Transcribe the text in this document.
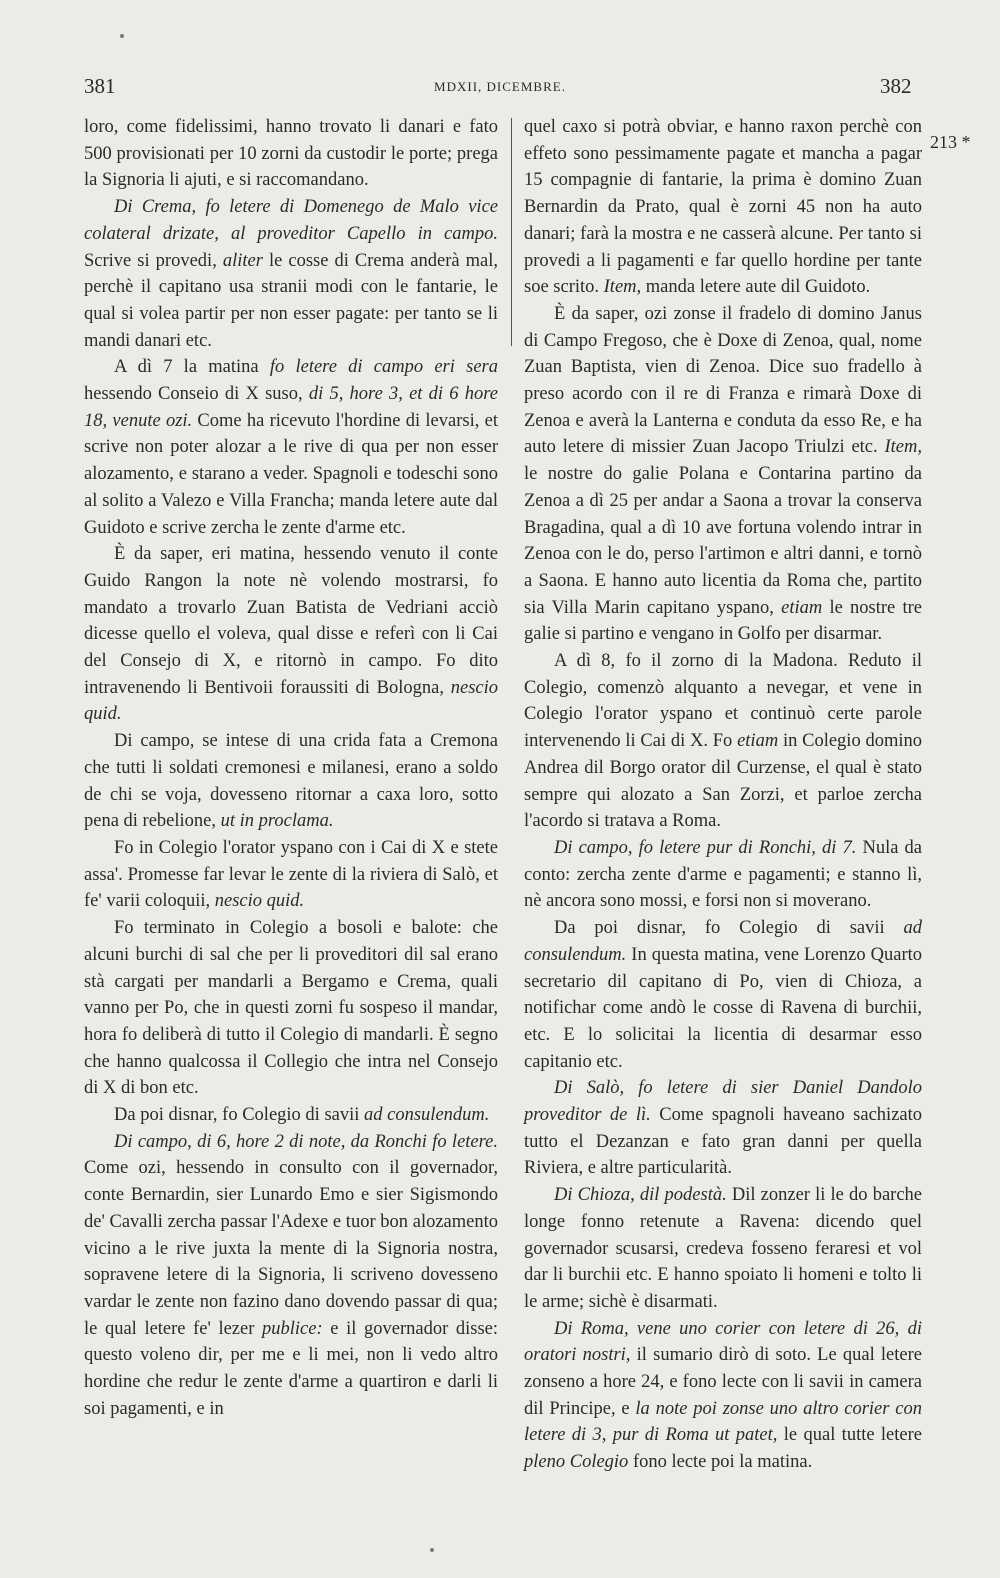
381	MDXII, DICEMBRE.	382
213 *

loro, come fidelissimi, hanno trovato li danari e fato 500 provisionati per 10 zorni da custodir le porte; prega la Signoria li ajuti, e si raccomandano.

Di Crema, fo letere di Domenego de Malo vice colateral drizate, al proveditor Capello in campo. Scrive si provedi, aliter le cosse di Crema anderà mal, perchè il capitano usa stranii modi con le fantarie, le qual si volea partir per non esser pagate: per tanto se li mandi danari etc.

A dì 7 la matina fo letere di campo eri sera hessendo Conseio di X suso, di 5, hore 3, et di 6 hore 18, venute ozi. Come ha ricevuto l'hordine di levarsi, et scrive non poter alozar a le rive di qua per non esser alozamento, e starano a veder. Spagnoli e todeschi sono al solito a Valezo e Villa Francha; manda letere aute dal Guidoto e scrive zercha le zente d'arme etc.

È da saper, eri matina, hessendo venuto il conte Guido Rangon la note nè volendo mostrarsi, fo mandato a trovarlo Zuan Batista de Vedriani acciò dicesse quello el voleva, qual disse e referì con li Cai del Consejo di X, e ritornò in campo. Fo dito intravenendo li Bentivoii foraussiti di Bologna, nescio quid.

Di campo, se intese di una crida fata a Cremona che tutti li soldati cremonesi e milanesi, erano a soldo de chi se voja, dovesseno ritornar a caxa loro, sotto pena di rebelione, ut in proclama.

Fo in Colegio l'orator yspano con i Cai di X e stete assa'. Promesse far levar le zente di la riviera di Salò, et fe' varii coloquii, nescio quid.

Fo terminato in Colegio a bosoli e balote: che alcuni burchi di sal che per li proveditori dil sal erano stà cargati per mandarli a Bergamo e Crema, quali vanno per Po, che in questi zorni fu sospeso il mandar, hora fo deliberà di tutto il Colegio di mandarli. È segno che hanno qualcossa il Collegio che intra nel Consejo di X di bon etc.

Da poi disnar, fo Colegio di savii ad consulendum.

Di campo, di 6, hore 2 di note, da Ronchi fo letere. Come ozi, hessendo in consulto con il governador, conte Bernardin, sier Lunardo Emo e sier Sigismondo de' Cavalli zercha passar l'Adexe e tuor bon alozamento vicino a le rive juxta la mente di la Signoria nostra, sopravene letere di la Signoria, li scriveno dovesseno vardar le zente non fazino dano dovendo passar di qua; le qual letere fe' lezer publice: e il governador disse: questo voleno dir, per me e li mei, non li vedo altro hordine che redur le zente d'arme a quartiron e darli li soi pagamenti, e in

quel caxo si potrà obviar, e hanno raxon perchè con effeto sono pessimamente pagate et mancha a pagar 15 compagnie di fantarie, la prima è domino Zuan Bernardin da Prato, qual è zorni 45 non ha auto danari; farà la mostra e ne casserà alcune. Per tanto si provedi a li pagamenti e far quello hordine per tante soe scrito. Item, manda letere aute dil Guidoto.

È da saper, ozi zonse il fradelo di domino Janus di Campo Fregoso, che è Doxe di Zenoa, qual, nome Zuan Baptista, vien di Zenoa. Dice suo fradello à preso acordo con il re di Franza e rimarà Doxe di Zenoa e averà la Lanterna e conduta da esso Re, e ha auto letere di missier Zuan Jacopo Triulzi etc. Item, le nostre do galie Polana e Contarina partino da Zenoa a dì 25 per andar a Saona a trovar la conserva Bragadina, qual a dì 10 ave fortuna volendo intrar in Zenoa con le do, perso l'artimon e altri danni, e tornò a Saona. E hanno auto licentia da Roma che, partito sia Villa Marin capitano yspano, etiam le nostre tre galie si partino e vengano in Golfo per disarmar.

A dì 8, fo il zorno di la Madona. Reduto il Colegio, comenzò alquanto a nevegar, et vene in Colegio l'orator yspano et continuò certe parole intervenendo li Cai di X. Fo etiam in Colegio domino Andrea dil Borgo orator dil Curzense, el qual è stato sempre qui alozato a San Zorzi, et parloe zercha l'acordo si tratava a Roma.

Di campo, fo letere pur di Ronchi, di 7. Nula da conto: zercha zente d'arme e pagamenti; e stanno lì, nè ancora sono mossi, e forsi non si moverano.

Da poi disnar, fo Colegio di savii ad consulendum. In questa matina, vene Lorenzo Quarto secretario dil capitano di Po, vien di Chioza, a notifichar come andò le cosse di Ravena di burchii, etc. E lo solicitai la licentia di desarmar esso capitanio etc.

Di Salò, fo letere di sier Daniel Dandolo proveditor de lì. Come spagnoli haveano sachizato tutto el Dezanzan e fato gran danni per quella Riviera, e altre particularità.

Di Chioza, dil podestà. Dil zonzer li le do barche longe fonno retenute a Ravena: dicendo quel governador scusarsi, credeva fosseno feraresi et vol dar li burchii etc. E hanno spoiato li homeni e tolto li le arme; sichè è disarmati.

Di Roma, vene uno corier con letere di 26, di oratori nostri, il sumario dirò di soto. Le qual letere zonseno a hore 24, e fono lecte con li savii in camera dil Principe, e la note poi zonse uno altro corier con letere di 3, pur di Roma ut patet, le qual tutte letere pleno Colegio fono lecte poi la matina.
